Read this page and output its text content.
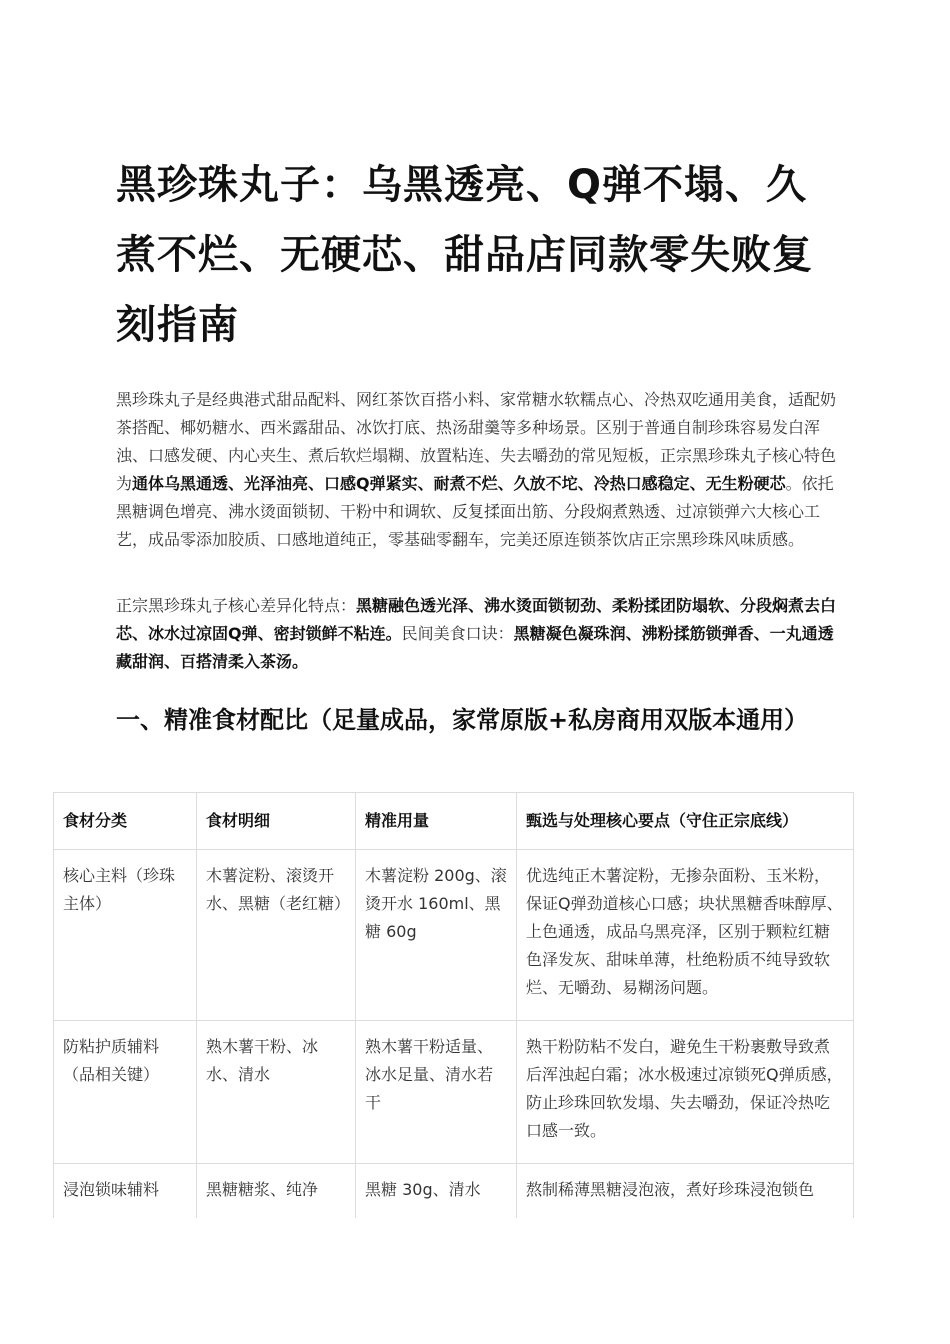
黑珍珠丸子：乌黑透亮、Q弹不塌、久煮不烂、无硬芯、甜品店同款零失败复刻指南

黑珍珠丸子是经典港式甜品配料、网红茶饮百搭小料、家常糖水软糯点心、冷热双吃通用美食，适配奶茶搭配、椰奶糖水、西米露甜品、冰饮打底、热汤甜羹等多种场景。区别于普通自制珍珠容易发白浑浊、口感发硬、内心夹生、煮后软烂塌糊、放置粘连、失去嚼劲的常见短板，正宗黑珍珠丸子核心特色为通体乌黑通透、光泽油亮、口感Q弹紧实、耐煮不烂、久放不坨、冷热口感稳定、无生粉硬芯。依托黑糖调色增亮、沸水烫面锁韧、干粉中和调软、反复揉面出筋、分段焖煮熟透、过凉锁弹六大核心工艺，成品零添加胶质、口感地道纯正，零基础零翻车，完美还原连锁茶饮店正宗黑珍珠风味质感。

正宗黑珍珠丸子核心差异化特点：黑糖融色透光泽、沸水烫面锁韧劲、柔粉揉团防塌软、分段焖煮去白芯、冰水过凉固Q弹、密封锁鲜不粘连。民间美食口诀：黑糖凝色凝珠润、沸粉揉筋锁弹香、一丸通透藏甜润、百搭清柔入茶汤。

一、精准食材配比（足量成品，家常原版+私房商用双版本通用）
食材分类	食材明细	精准用量	甄选与处理核心要点（守住正宗底线）
核心主料（珍珠主体）	木薯淀粉、滚烫开水、黑糖（老红糖）	木薯淀粉 200g、滚烫开水 160ml、黑糖 60g	优选纯正木薯淀粉，无掺杂面粉、玉米粉，保证Q弹劲道核心口感；块状黑糖香味醇厚、上色通透，成品乌黑亮泽，区别于颗粒红糖色泽发灰、甜味单薄，杜绝粉质不纯导致软烂、无嚼劲、易糊汤问题。
防粘护质辅料（品相关键）	熟木薯干粉、冰水、清水	熟木薯干粉适量、冰水足量、清水若干	熟干粉防粘不发白，避免生干粉裹敷导致煮后浑浊起白霜；冰水极速过凉锁死Q弹质感，防止珍珠回软发塌、失去嚼劲，保证冷热吃口感一致。
浸泡锁味辅料	黑糖糖浆、纯净	黑糖 30g、清水	熬制稀薄黑糖浸泡液，煮好珍珠浸泡锁色
